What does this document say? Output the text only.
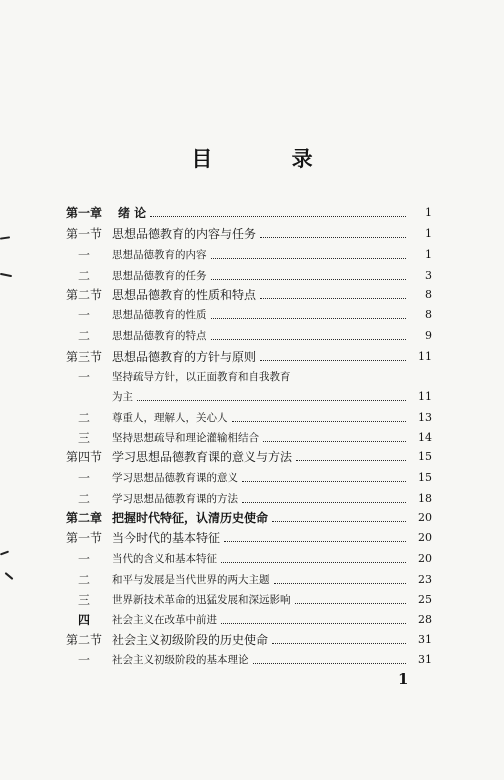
目 录
第一章	绪 论	1
第一节 思想品德教育的内容与任务	1
一	思想品德教育的内容	1
二	思想品德教育的任务	3
第二节 思想品德教育的性质和特点	8
一	思想品德教育的性质	8
二	思想品德教育的特点	9
第三节 思想品德教育的方针与原则	11
一	坚持疏导方针，以正面教育和自我教育
为主	11
二	尊重人，理解人，关心人	13
三	坚持思想疏导和理论灌输相结合	14
第四节 学习思想品德教育课的意义与方法	15
一	学习思想品德教育课的意义	15
二	学习思想品德教育课的方法	18
第二章 把握时代特征，认清历史使命	20
第一节 当今时代的基本特征	20
一	当代的含义和基本特征	20
二	和平与发展是当代世界的两大主题	23
三	世界新技术革命的迅猛发展和深远影响	25
四	社会主义在改革中前进	28
第二节 社会主义初级阶段的历史使命	31
一	社会主义初级阶段的基本理论	31
1
